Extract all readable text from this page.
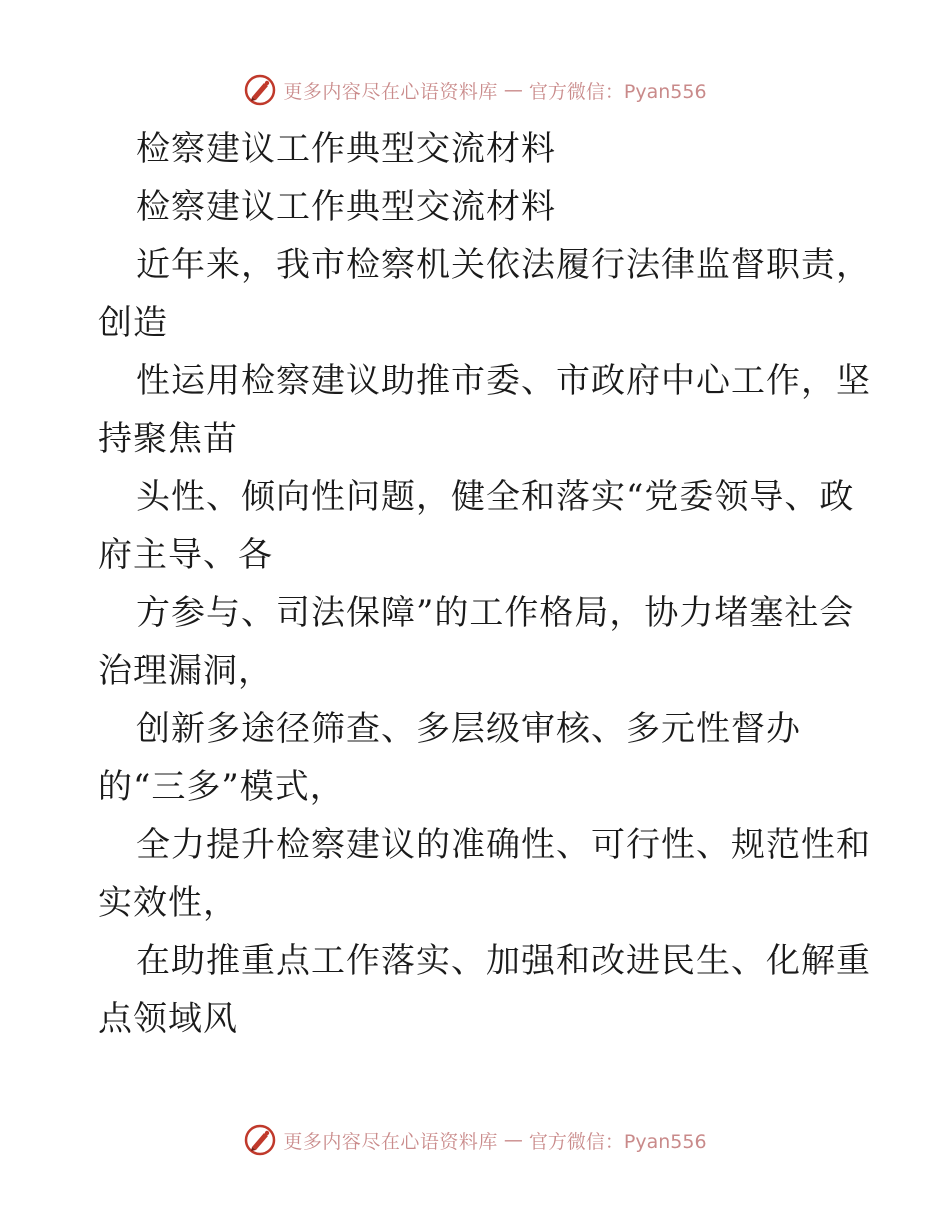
更多内容尽在心语资料库 — 官方微信：Pyan556
检察建议工作典型交流材料
检察建议工作典型交流材料
近年来，我市检察机关依法履行法律监督职责，
创造
性运用检察建议助推市委、市政府中心工作，坚
持聚焦苗
头性、倾向性问题，健全和落实“党委领导、政
府主导、各
方参与、司法保障”的工作格局，协力堵塞社会
治理漏洞，
创新多途径筛查、多层级审核、多元性督办
的“三多”模式，
全力提升检察建议的准确性、可行性、规范性和
实效性，
在助推重点工作落实、加强和改进民生、化解重
点领域风
更多内容尽在心语资料库 — 官方微信：Pyan556
